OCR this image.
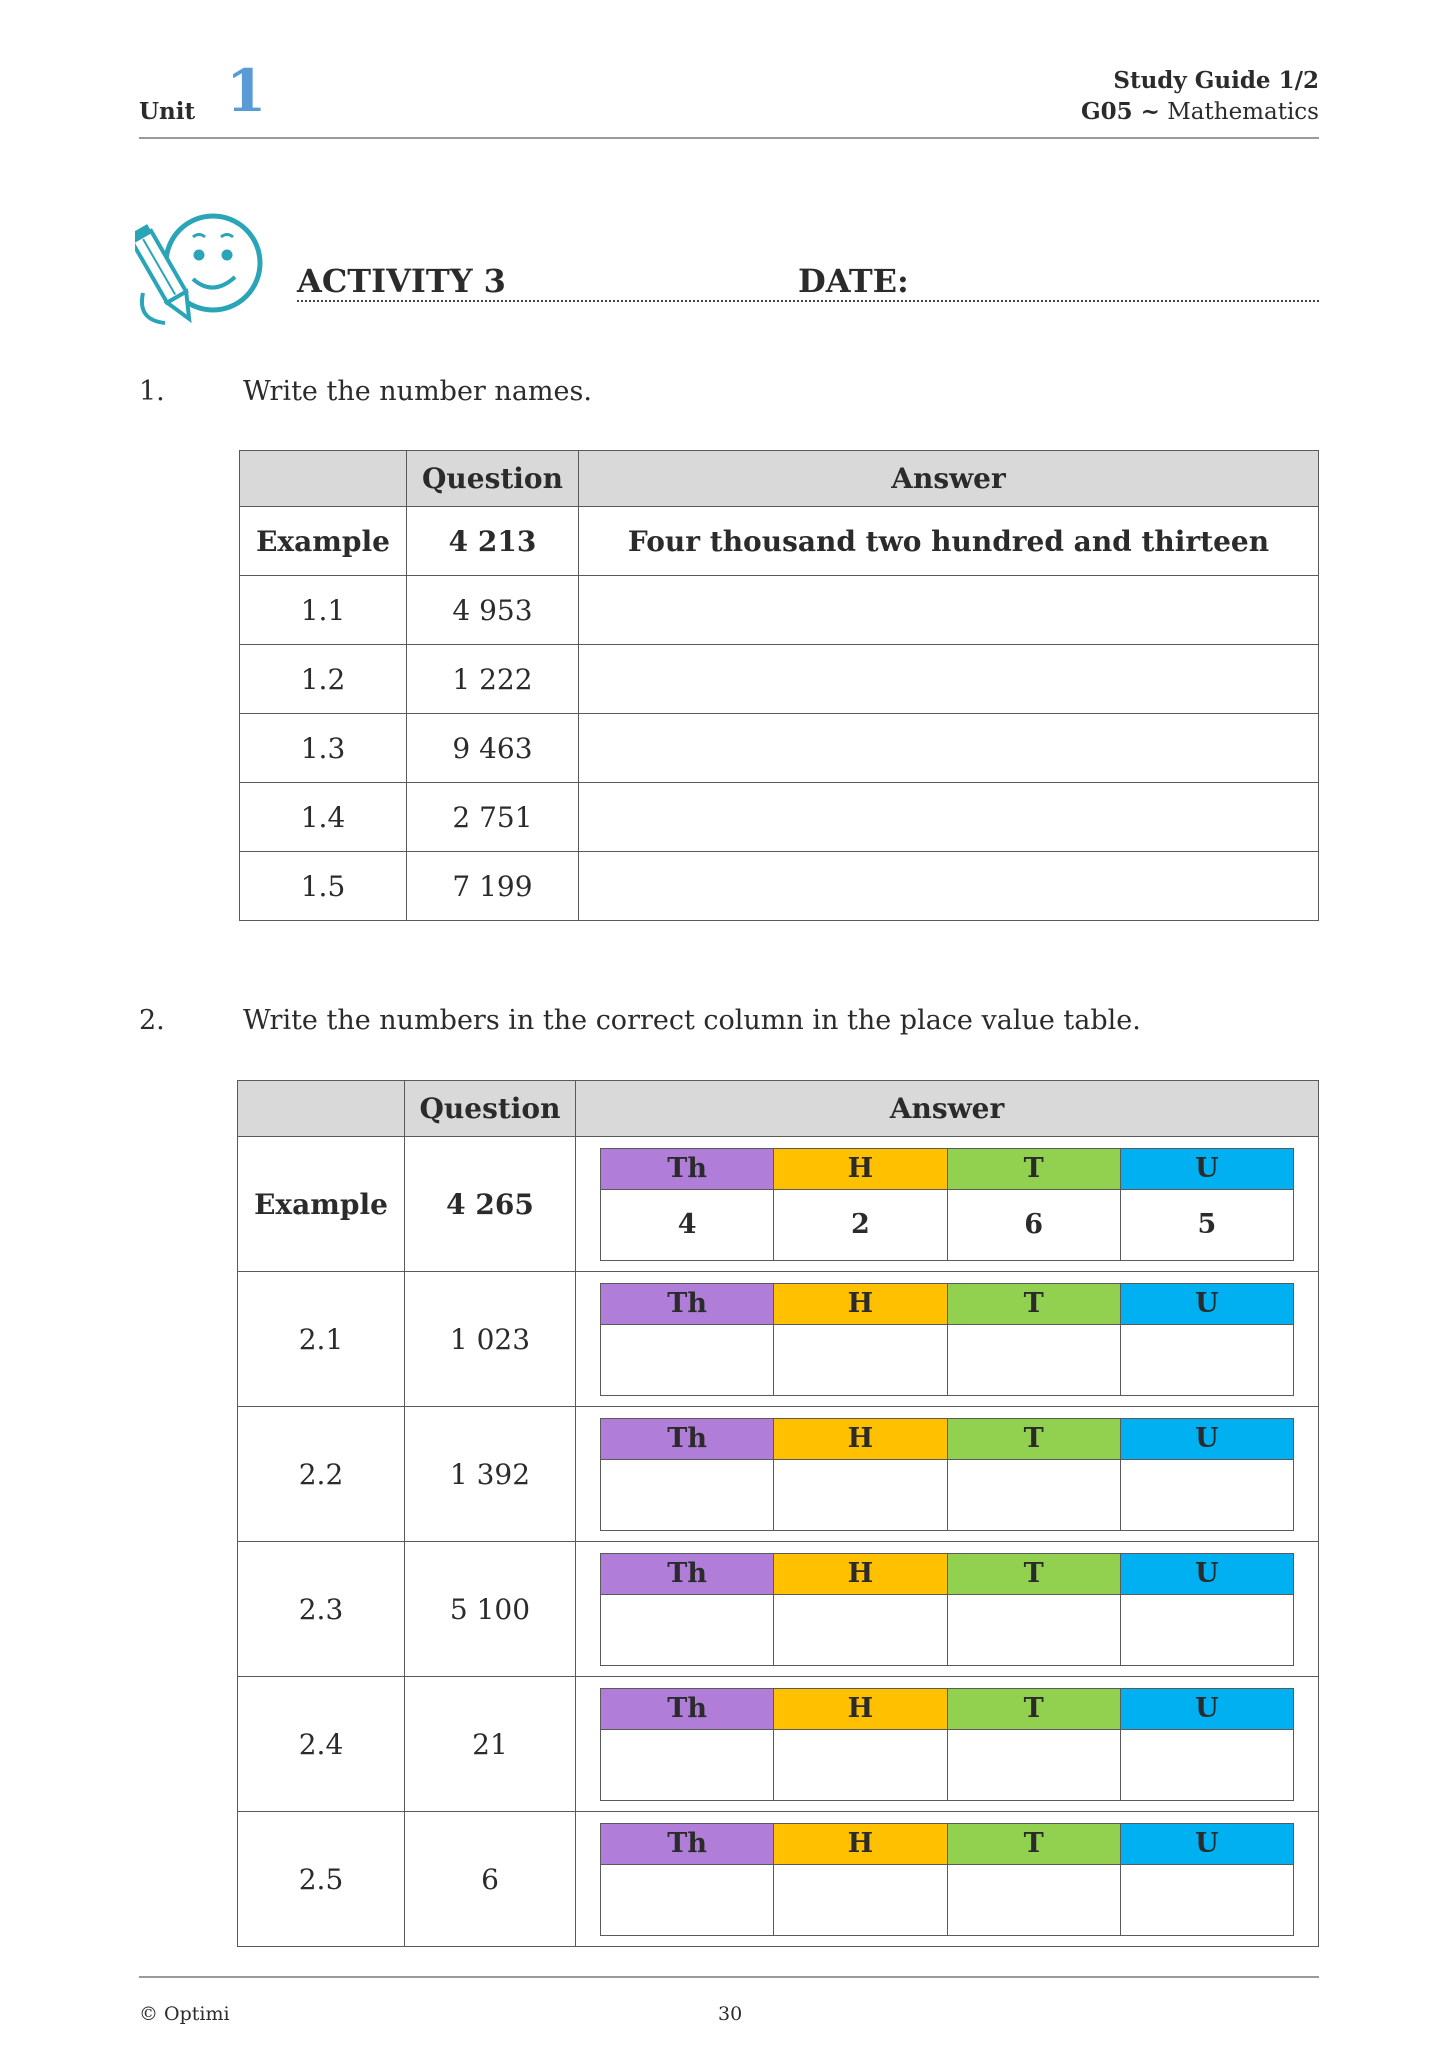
Unit 1	Study Guide 1/2
G05 ~ Mathematics
ACTIVITY 3	DATE:
1.	Write the number names.
	Question	Answer
Example	4 213	Four thousand two hundred and thirteen
1.1	4 953	
1.2	1 222	
1.3	9 463	
1.4	2 751	
1.5	7 199	
2.	Write the numbers in the correct column in the place value table.
	Question	Answer
Example	4 265	
Th	H	T	U
4	2	6	5

2.1	1 023	
Th	H	T	U

2.2	1 392	
Th	H	T	U

2.3	5 100	
Th	H	T	U

2.4	21	
Th	H	T	U

2.5	6	
Th	H	T	U

© Optimi	30
